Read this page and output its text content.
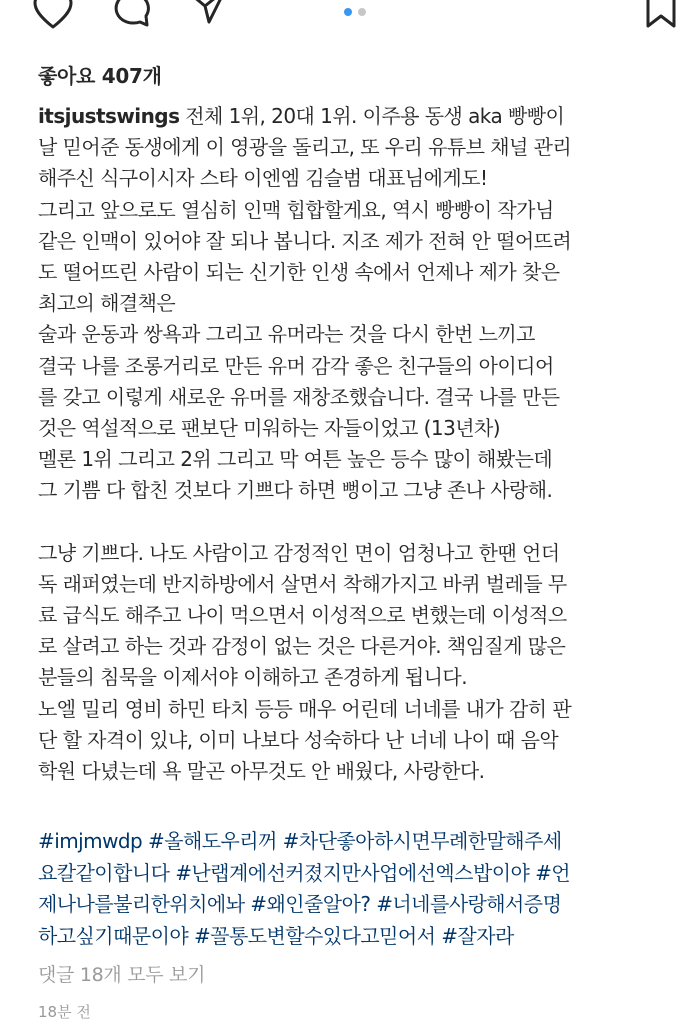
좋아요 407개

itsjustswings 전체 1위, 20대 1위. 이주용 동생 aka 빵빵이

날 믿어준 동생에게 이 영광을 돌리고, 또 우리 유튜브 채널 관리

해주신 식구이시자 스타 이엔엠 김슬범 대표님에게도!

그리고 앞으로도 열심히 인맥 힙합할게요, 역시 빵빵이 작가님

같은 인맥이 있어야 잘 되나 봅니다. 지조 제가 전혀 안 떨어뜨려

도 떨어뜨린 사람이 되는 신기한 인생 속에서 언제나 제가 찾은

최고의 해결책은

술과 운동과 쌍욕과 그리고 유머라는 것을 다시 한번 느끼고

결국 나를 조롱거리로 만든 유머 감각 좋은 친구들의 아이디어

를 갖고 이렇게 새로운 유머를 재창조했습니다. 결국 나를 만든

것은 역설적으로 팬보단 미워하는 자들이었고 (13년차)

멜론 1위 그리고 2위 그리고 막 여튼 높은 등수 많이 해봤는데

그 기쁨 다 합친 것보다 기쁘다 하면 뻥이고 그냥 존나 사랑해.

그냥 기쁘다. 나도 사람이고 감정적인 면이 엄청나고 한땐 언더

독 래퍼였는데 반지하방에서 살면서 착해가지고 바퀴 벌레들 무

료 급식도 해주고 나이 먹으면서 이성적으로 변했는데 이성적으

로 살려고 하는 것과 감정이 없는 것은 다른거야. 책임질게 많은

분들의 침묵을 이제서야 이해하고 존경하게 됩니다.

노엘 밀리 영비 하민 타치 등등 매우 어린데 너네를 내가 감히 판

단 할 자격이 있냐, 이미 나보다 성숙하다 난 너네 나이 때 음악

학원 다녔는데 욕 말곤 아무것도 안 배웠다, 사랑한다.

#imjmwdp #올해도우리꺼 #차단좋아하시면무례한말해주세

요칼같이합니다 #난랩계에선커졌지만사업에선엑스밥이야 #언

제나나를불리한위치에놔 #왜인줄알아? #너네를사랑해서증명

하고싶기때문이야 #꼴통도변할수있다고믿어서 #잘자라

댓글 18개 모두 보기
18분 전
